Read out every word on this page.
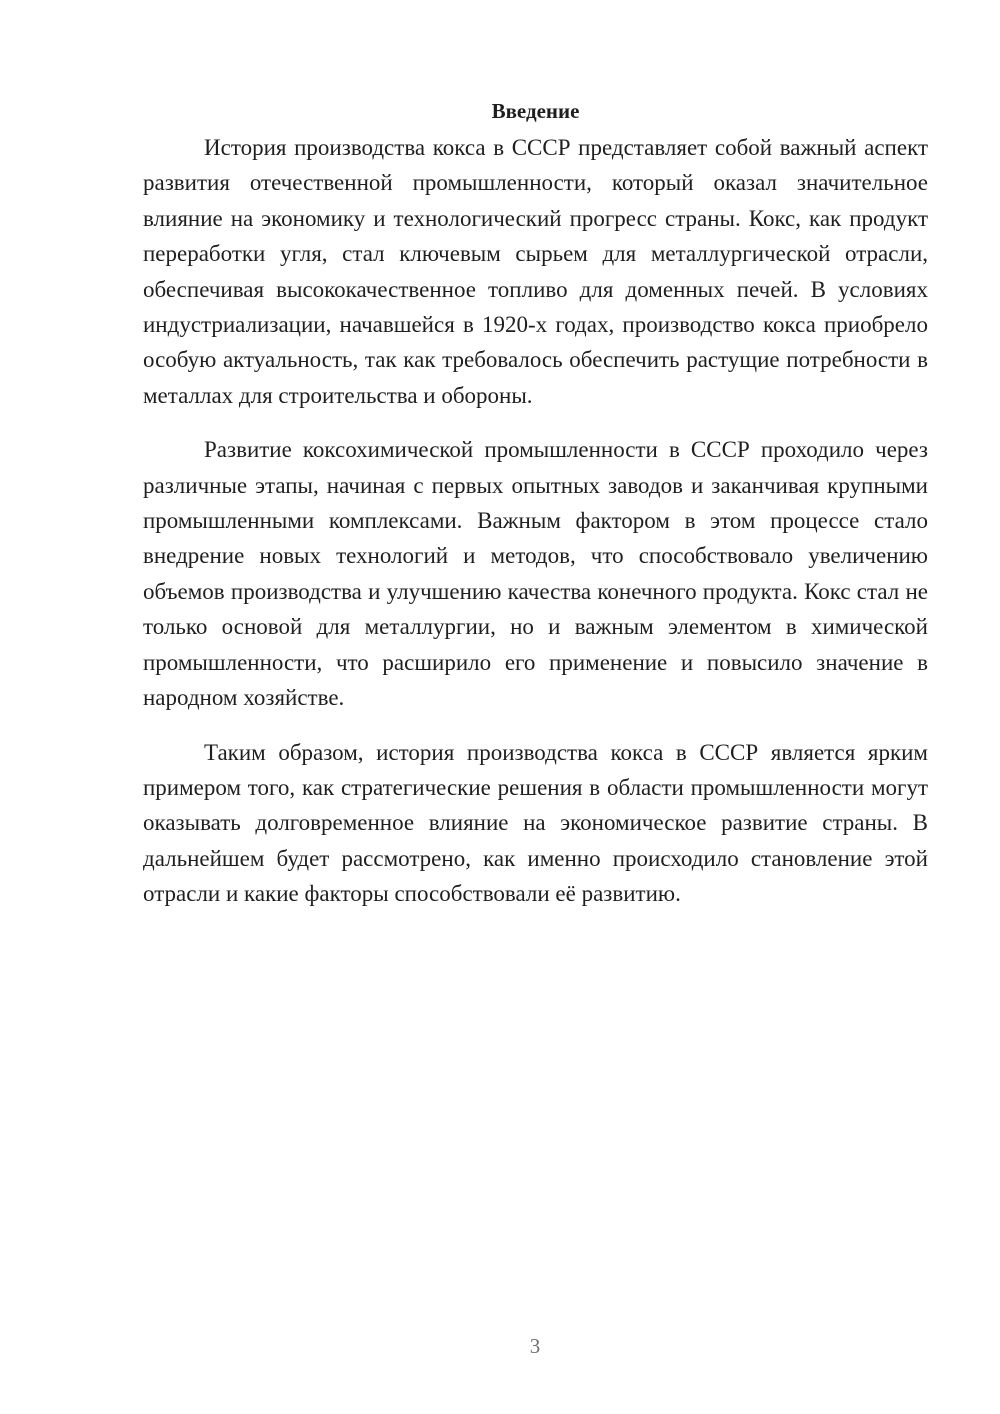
Введение

История производства кокса в СССР представляет собой важный аспект развития отечественной промышленности, который оказал значительное влияние на экономику и технологический прогресс страны. Кокс, как продукт переработки угля, стал ключевым сырьем для металлургической отрасли, обеспечивая высококачественное топливо для доменных печей. В условиях индустриализации, начавшейся в 1920-х годах, производство кокса приобрело особую актуальность, так как требовалось обеспечить растущие потребности в металлах для строительства и обороны.

Развитие коксохимической промышленности в СССР проходило через различные этапы, начиная с первых опытных заводов и заканчивая крупными промышленными комплексами. Важным фактором в этом процессе стало внедрение новых технологий и методов, что способствовало увеличению объемов производства и улучшению качества конечного продукта. Кокс стал не только основой для металлургии, но и важным элементом в химической промышленности, что расширило его применение и повысило значение в народном хозяйстве.

Таким образом, история производства кокса в СССР является ярким примером того, как стратегические решения в области промышленности могут оказывать долговременное влияние на экономическое развитие страны. В дальнейшем будет рассмотрено, как именно происходило становление этой отрасли и какие факторы способствовали её развитию.

3
